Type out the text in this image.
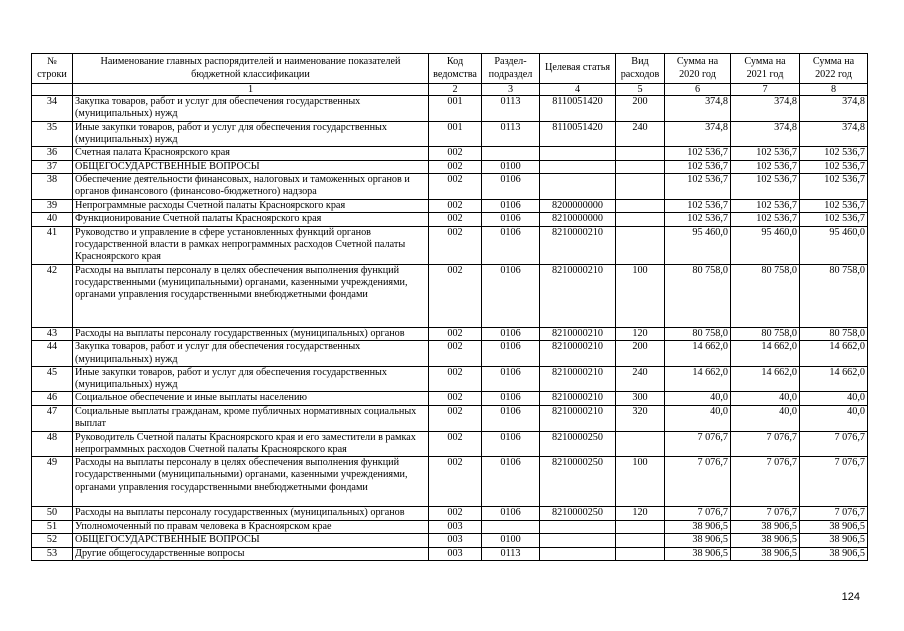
№ строки	Наименование главных распорядителей и наименование показателей бюджетной классификации	Код ведомства	Раздел-подраздел	Целевая статья	Вид расходов	Сумма на 2020 год	Сумма на 2021 год	Сумма на 2022 год
	1	2	3	4	5	6	7	8
34	Закупка товаров, работ и услуг для обеспечения государственных (муниципальных) нужд	001	0113	8110051420	200	374,8	374,8	374,8
35	Иные закупки товаров, работ и услуг для обеспечения государственных (муниципальных) нужд	001	0113	8110051420	240	374,8	374,8	374,8
36	Счетная палата Красноярского края	002				102 536,7	102 536,7	102 536,7
37	ОБЩЕГОСУДАРСТВЕННЫЕ ВОПРОСЫ	002	0100			102 536,7	102 536,7	102 536,7
38	Обеспечение деятельности финансовых, налоговых и таможенных органов и органов финансового (финансово-бюджетного) надзора	002	0106			102 536,7	102 536,7	102 536,7
39	Непрограммные расходы Счетной палаты Красноярского края	002	0106	8200000000		102 536,7	102 536,7	102 536,7
40	Функционирование Счетной палаты Красноярского края	002	0106	8210000000		102 536,7	102 536,7	102 536,7
41	Руководство и управление в сфере установленных функций органов государственной власти в рамках непрограммных расходов Счетной палаты Красноярского края	002	0106	8210000210		95 460,0	95 460,0	95 460,0
42	Расходы на выплаты персоналу в целях обеспечения выполнения функций государственными (муниципальными) органами, казенными учреждениями, органами управления государственными внебюджетными фондами	002	0106	8210000210	100	80 758,0	80 758,0	80 758,0
43	Расходы на выплаты персоналу государственных (муниципальных) органов	002	0106	8210000210	120	80 758,0	80 758,0	80 758,0
44	Закупка товаров, работ и услуг для обеспечения государственных (муниципальных) нужд	002	0106	8210000210	200	14 662,0	14 662,0	14 662,0
45	Иные закупки товаров, работ и услуг для обеспечения государственных (муниципальных) нужд	002	0106	8210000210	240	14 662,0	14 662,0	14 662,0
46	Социальное обеспечение и иные выплаты населению	002	0106	8210000210	300	40,0	40,0	40,0
47	Социальные выплаты гражданам, кроме публичных нормативных социальных выплат	002	0106	8210000210	320	40,0	40,0	40,0
48	Руководитель Счетной палаты Красноярского края и его заместители в рамках непрограммных расходов Счетной палаты Красноярского края	002	0106	8210000250		7 076,7	7 076,7	7 076,7
49	Расходы на выплаты персоналу в целях обеспечения выполнения функций государственными (муниципальными) органами, казенными учреждениями, органами управления государственными внебюджетными фондами	002	0106	8210000250	100	7 076,7	7 076,7	7 076,7
50	Расходы на выплаты персоналу государственных (муниципальных) органов	002	0106	8210000250	120	7 076,7	7 076,7	7 076,7
51	Уполномоченный по правам человека в Красноярском крае	003				38 906,5	38 906,5	38 906,5
52	ОБЩЕГОСУДАРСТВЕННЫЕ ВОПРОСЫ	003	0100			38 906,5	38 906,5	38 906,5
53	Другие общегосударственные вопросы	003	0113			38 906,5	38 906,5	38 906,5
124
